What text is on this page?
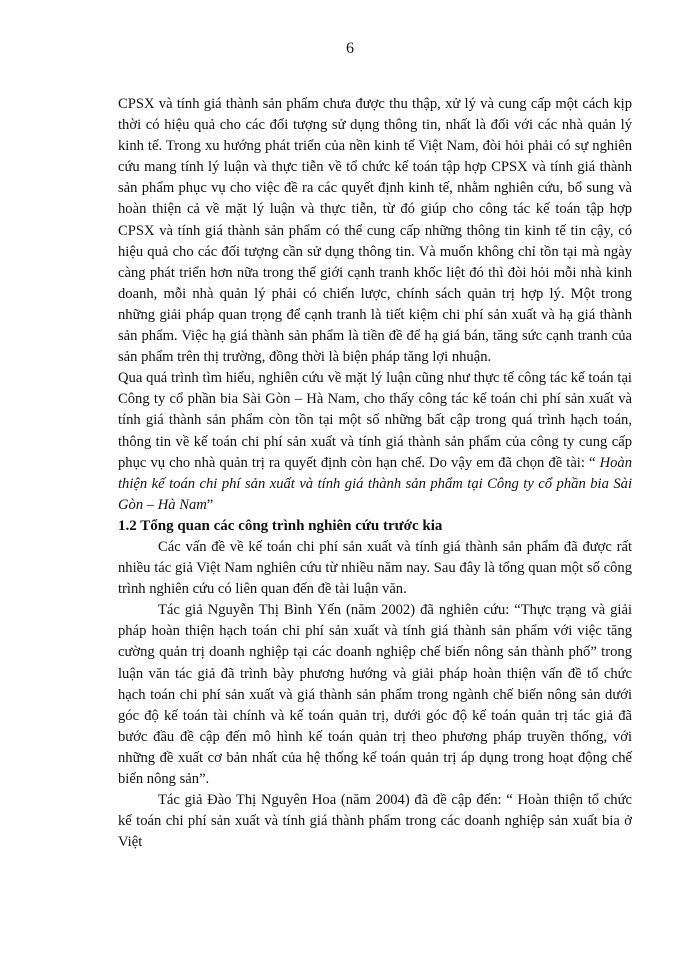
6

CPSX và tính giá thành sản phẩm chưa được thu thập, xử lý và cung cấp một cách kịp thời có hiệu quả cho các đối tượng sử dụng thông tin, nhất là đối với các nhà quản lý kinh tế. Trong xu hướng phát triển của nền kinh tế Việt Nam, đòi hỏi phải có sự nghiên cứu mang tính lý luận và thực tiễn về tổ chức kế toán tập hợp CPSX và tính giá thành sản phẩm phục vụ cho việc đề ra các quyết định kinh tế, nhằm nghiên cứu, bổ sung và hoàn thiện cả về mặt lý luận và thực tiễn, từ đó giúp cho công tác kế toán tập hợp CPSX và tính giá thành sản phẩm có thể cung cấp những thông tin kinh tế tin cậy, có hiệu quả cho các đối tượng cần sử dụng thông tin. Và muốn không chỉ tồn tại mà ngày càng phát triển hơn nữa trong thế giới cạnh tranh khốc liệt đó thì đòi hỏi mỗi nhà kinh doanh, mỗi nhà quản lý phải có chiến lược, chính sách quản trị hợp lý. Một trong những giải pháp quan trọng để cạnh tranh là tiết kiệm chi phí sản xuất và hạ giá thành sản phẩm. Việc hạ giá thành sản phẩm là tiền đề để hạ giá bán, tăng sức cạnh tranh của sản phẩm trên thị trường, đồng thời là biện pháp tăng lợi nhuận.

Qua quá trình tìm hiểu, nghiên cứu về mặt lý luận cũng như thực tế công tác kế toán tại Công ty cổ phần bia Sài Gòn – Hà Nam, cho thấy công tác kế toán chi phí sản xuất và tính giá thành sản phẩm còn tồn tại một số những bất cập trong quá trình hạch toán, thông tin về kế toán chi phí sản xuất và tính giá thành sản phẩm của công ty cung cấp phục vụ cho nhà quản trị ra quyết định còn hạn chế. Do vậy em đã chọn đề tài: “ Hoàn thiện kế toán chi phí sản xuất và tính giá thành sản phẩm tại Công ty cổ phần bia Sài Gòn – Hà Nam”

1.2 Tổng quan các công trình nghiên cứu trước kia

Các vấn đề về kế toán chi phí sản xuất và tính giá thành sản phẩm đã được rất nhiều tác giả Việt Nam nghiên cứu từ nhiều năm nay. Sau đây là tổng quan một số công trình nghiên cứu có liên quan đến đề tài luận văn.

Tác giả Nguyễn Thị Bình Yến (năm 2002) đã nghiên cứu: “Thực trạng và giải pháp hoàn thiện hạch toán chi phí sản xuất và tính giá thành sản phẩm với việc tăng cường quản trị doanh nghiệp tại các doanh nghiệp chế biến nông sản thành phố” trong luận văn tác giả đã trình bày phương hướng và giải pháp hoàn thiện vấn đề tổ chức hạch toán chi phí sản xuất và giá thành sản phẩm trong ngành chế biến nông sản dưới góc độ kế toán tài chính và kế toán quản trị, dưới góc độ kế toán quản trị tác giả đã bước đầu đề cập đến mô hình kế toán quản trị theo phương pháp truyền thống, với những đề xuất cơ bản nhất của hệ thống kế toán quản trị áp dụng trong hoạt động chế biến nông sản”.

Tác giả Đào Thị Nguyên Hoa (năm 2004) đã đề cập đến: “ Hoàn thiện tổ chức kế toán chi phí sản xuất và tính giá thành phẩm trong các doanh nghiệp sản xuất bia ở Việt
